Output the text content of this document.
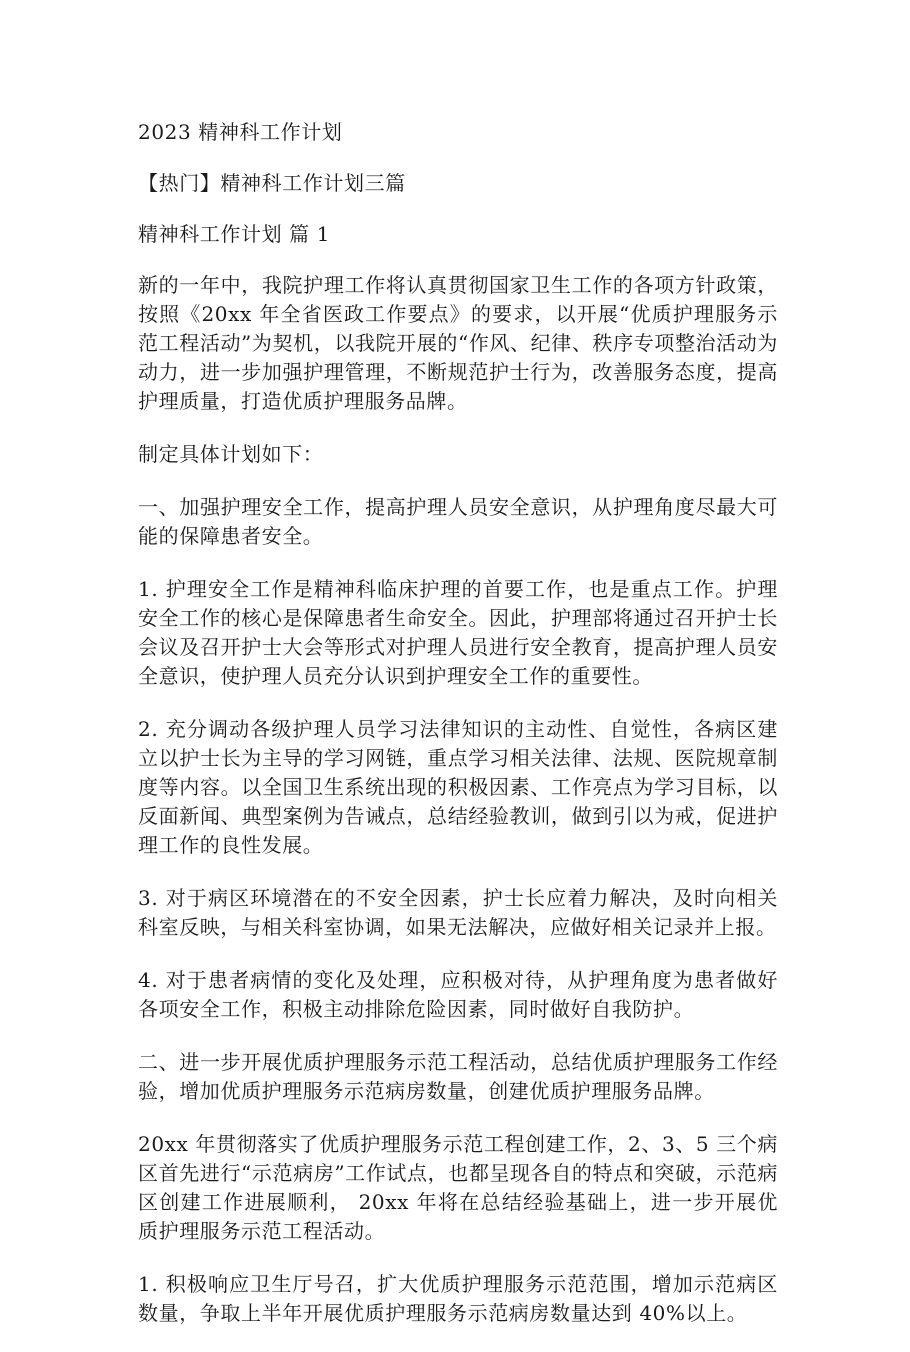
2023 精神科工作计划

【热门】精神科工作计划三篇

精神科工作计划 篇 1

新的一年中，我院护理工作将认真贯彻国家卫生工作的各项方针政策，按照《20xx 年全省医政工作要点》的要求，以开展“优质护理服务示范工程活动”为契机，以我院开展的“作风、纪律、秩序专项整治活动为动力，进一步加强护理管理，不断规范护士行为，改善服务态度，提高护理质量，打造优质护理服务品牌。

制定具体计划如下：

一、加强护理安全工作，提高护理人员安全意识，从护理角度尽最大可能的保障患者安全。

1. 护理安全工作是精神科临床护理的首要工作，也是重点工作。护理安全工作的核心是保障患者生命安全。因此，护理部将通过召开护士长会议及召开护士大会等形式对护理人员进行安全教育，提高护理人员安全意识，使护理人员充分认识到护理安全工作的重要性。

2. 充分调动各级护理人员学习法律知识的主动性、自觉性，各病区建立以护士长为主导的学习网链，重点学习相关法律、法规、医院规章制度等内容。以全国卫生系统出现的积极因素、工作亮点为学习目标，以反面新闻、典型案例为告诫点，总结经验教训，做到引以为戒，促进护理工作的良性发展。

3. 对于病区环境潜在的不安全因素，护士长应着力解决，及时向相关科室反映，与相关科室协调，如果无法解决，应做好相关记录并上报。

4. 对于患者病情的变化及处理，应积极对待，从护理角度为患者做好各项安全工作，积极主动排除危险因素，同时做好自我防护。

二、进一步开展优质护理服务示范工程活动，总结优质护理服务工作经验，增加优质护理服务示范病房数量，创建优质护理服务品牌。

20xx 年贯彻落实了优质护理服务示范工程创建工作，2、3、5 三个病区首先进行“示范病房”工作试点，也都呈现各自的特点和突破，示范病区创建工作进展顺利， 20xx 年将在总结经验基础上，进一步开展优质护理服务示范工程活动。

1. 积极响应卫生厅号召，扩大优质护理服务示范范围，增加示范病区数量，争取上半年开展优质护理服务示范病房数量达到 40%以上。
